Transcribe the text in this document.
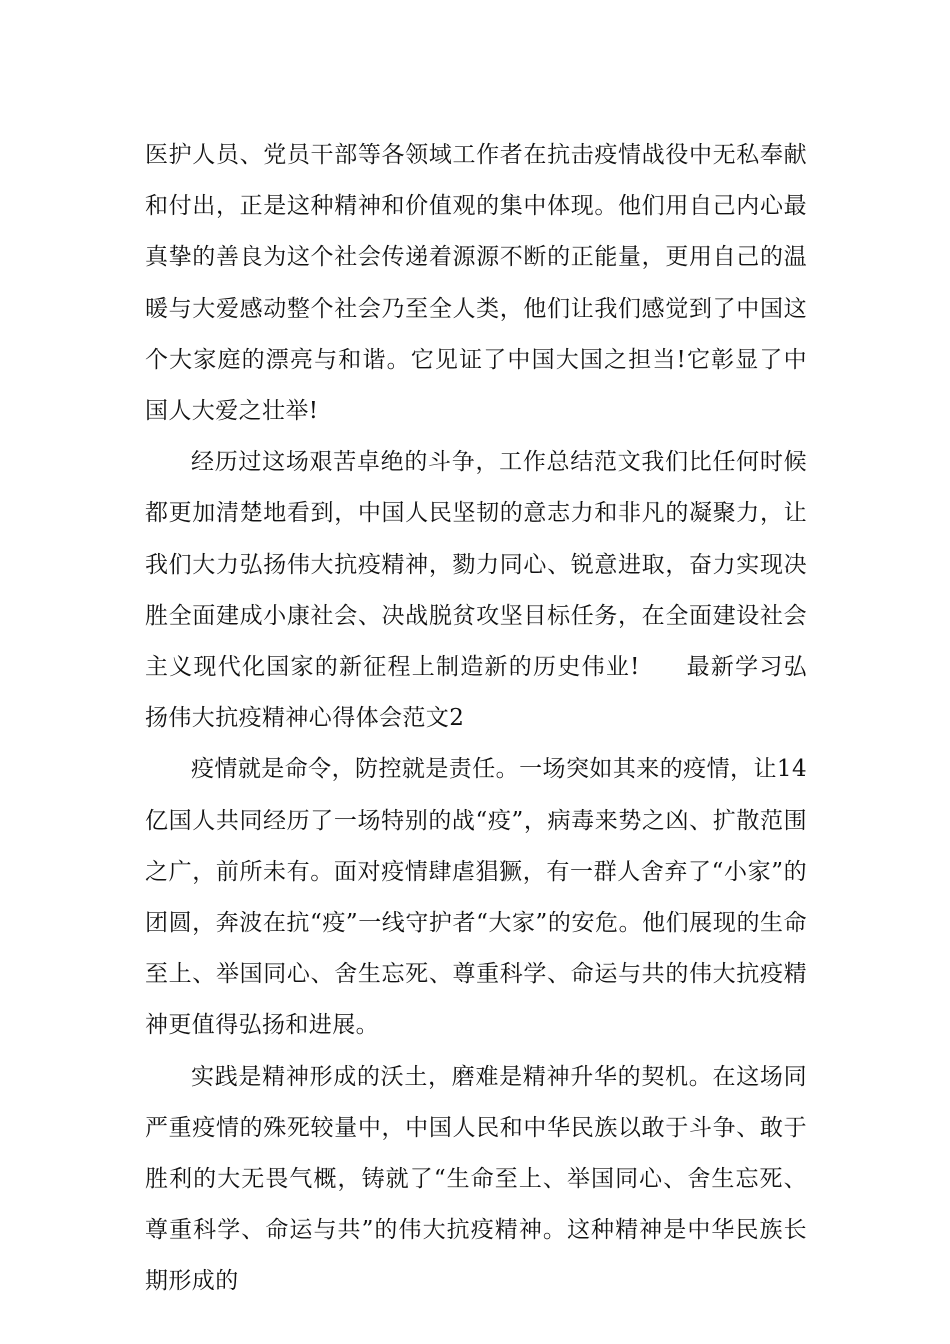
医护人员、党员干部等各领域工作者在抗击疫情战役中无私奉献和付出，正是这种精神和价值观的集中体现。他们用自己内心最真挚的善良为这个社会传递着源源不断的正能量，更用自己的温暖与大爱感动整个社会乃至全人类，他们让我们感觉到了中国这个大家庭的漂亮与和谐。它见证了中国大国之担当!它彰显了中国人大爱之壮举!

经历过这场艰苦卓绝的斗争，工作总结范文我们比任何时候都更加清楚地看到，中国人民坚韧的意志力和非凡的凝聚力，让我们大力弘扬伟大抗疫精神，勠力同心、锐意进取，奋力实现决胜全面建成小康社会、决战脱贫攻坚目标任务，在全面建设社会主义现代化国家的新征程上制造新的历史伟业! 最新学习弘扬伟大抗疫精神心得体会范文2

疫情就是命令，防控就是责任。一场突如其来的疫情，让14亿国人共同经历了一场特别的战“疫”，病毒来势之凶、扩散范围之广，前所未有。面对疫情肆虐猖獗，有一群人舍弃了“小家”的团圆，奔波在抗“疫”一线守护者“大家”的安危。他们展现的生命至上、举国同心、舍生忘死、尊重科学、命运与共的伟大抗疫精神更值得弘扬和进展。

实践是精神形成的沃土，磨难是精神升华的契机。在这场同严重疫情的殊死较量中，中国人民和中华民族以敢于斗争、敢于胜利的大无畏气概，铸就了“生命至上、举国同心、舍生忘死、尊重科学、命运与共”的伟大抗疫精神。这种精神是中华民族长期形成的
